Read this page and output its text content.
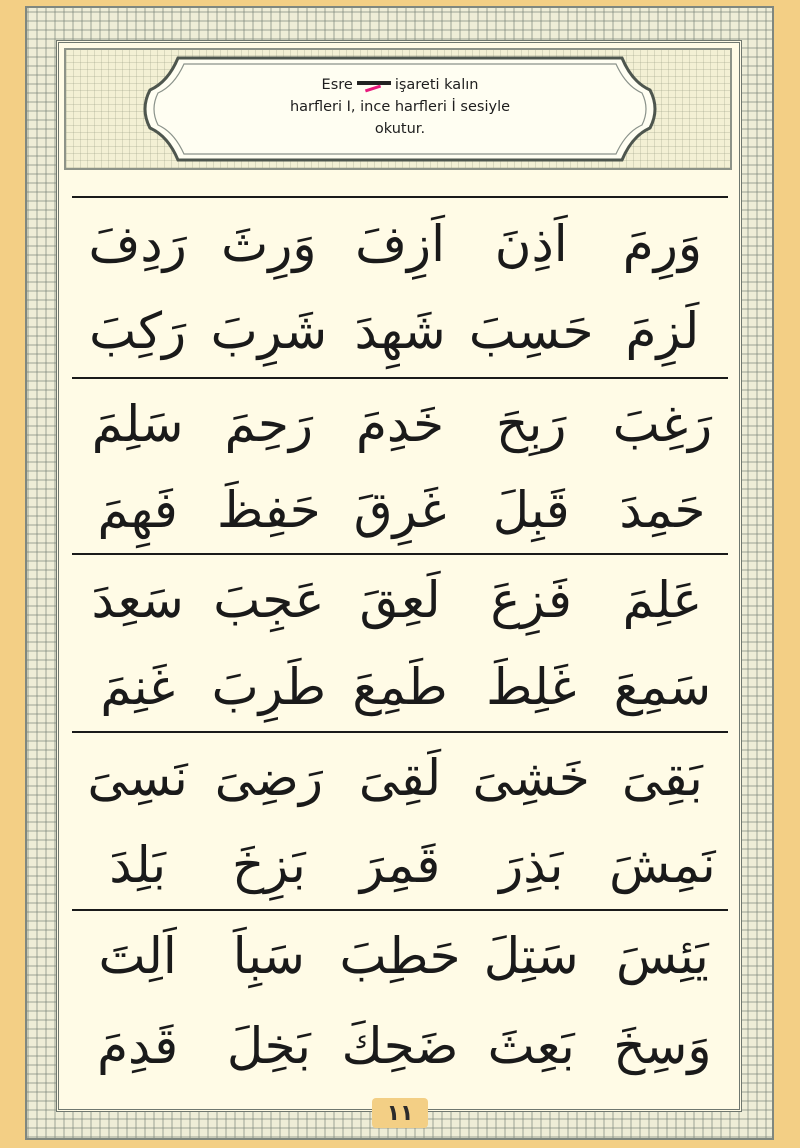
Esre	işareti kalın
harfleri I, ince harfleri İ sesiyle
okutur.
وَرِمَ
اَذِنَ
اَزِفَ
وَرِثَ
رَدِفَ
لَزِمَ
حَسِبَ
شَهِدَ
شَرِبَ
رَكِبَ
رَغِبَ
رَبِحَ
خَدِمَ
رَحِمَ
سَلِمَ
حَمِدَ
قَبِلَ
غَرِقَ
حَفِظَ
فَهِمَ
عَلِمَ
فَزِعَ
لَعِقَ
عَجِبَ
سَعِدَ
سَمِعَ
غَلِطَ
طَمِعَ
طَرِبَ
غَنِمَ
بَقِىَ
خَشِىَ
لَقِىَ
رَضِىَ
نَسِىَ
نَمِشَ
بَذِرَ
قَمِرَ
بَزِخَ
بَلِدَ
يَئِسَ
سَتِلَ
حَطِبَ
سَبِاَ
اَلِتَ
وَسِخَ
بَعِثَ
ضَحِكَ
بَخِلَ
قَدِمَ
١١
